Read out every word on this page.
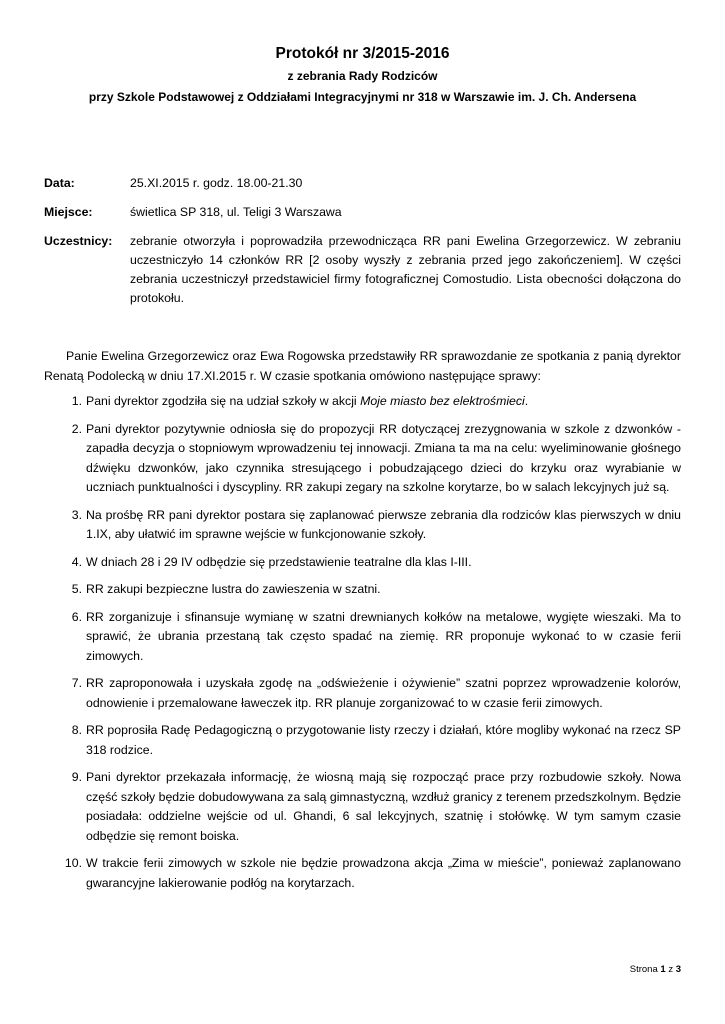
Protokół nr 3/2015-2016
z zebrania Rady Rodziców
przy Szkole Podstawowej z Oddziałami Integracyjnymi nr 318 w Warszawie im. J. Ch. Andersena
Data:	25.XI.2015 r. godz. 18.00-21.30
Miejsce:	świetlica SP 318, ul. Teligi 3 Warszawa
Uczestnicy:	zebranie otworzyła i poprowadziła przewodnicząca RR pani Ewelina Grzegorzewicz. W zebraniu uczestniczyło 14 członków RR [2 osoby wyszły z zebrania przed jego zakończeniem]. W części zebrania uczestniczył przedstawiciel firmy fotograficznej Comostudio. Lista obecności dołączona do protokołu.

Panie Ewelina Grzegorzewicz oraz Ewa Rogowska przedstawiły RR sprawozdanie ze spotkania z panią dyrektor Renatą Podolecką w dniu 17.XI.2015 r. W czasie spotkania omówiono następujące sprawy:

1. Pani dyrektor zgodziła się na udział szkoły w akcji Moje miasto bez elektrośmieci.
2. Pani dyrektor pozytywnie odniosła się do propozycji RR dotyczącej zrezygnowania w szkole z dzwonków - zapadła decyzja o stopniowym wprowadzeniu tej innowacji. Zmiana ta ma na celu: wyeliminowanie głośnego dźwięku dzwonków, jako czynnika stresującego i pobudzającego dzieci do krzyku oraz wyrabianie w uczniach punktualności i dyscypliny. RR zakupi zegary na szkolne korytarze, bo w salach lekcyjnych już są.
3. Na prośbę RR pani dyrektor postara się zaplanować pierwsze zebrania dla rodziców klas pierwszych w dniu 1.IX, aby ułatwić im sprawne wejście w funkcjonowanie szkoły.
4. W dniach 28 i 29 IV odbędzie się przedstawienie teatralne dla klas I-III.
5. RR zakupi bezpieczne lustra do zawieszenia w szatni.
6. RR zorganizuje i sfinansuje wymianę w szatni drewnianych kołków na metalowe, wygięte wieszaki. Ma to sprawić, że ubrania przestaną tak często spadać na ziemię. RR proponuje wykonać to w czasie ferii zimowych.
7. RR zaproponowała i uzyskała zgodę na „odświeżenie i ożywienie” szatni poprzez wprowadzenie kolorów, odnowienie i przemalowane ławeczek itp. RR planuje zorganizować to w czasie ferii zimowych.
8. RR poprosiła Radę Pedagogiczną o przygotowanie listy rzeczy i działań, które mogliby wykonać na rzecz SP 318 rodzice.
9. Pani dyrektor przekazała informację, że wiosną mają się rozpocząć prace przy rozbudowie szkoły. Nowa część szkoły będzie dobudowywana za salą gimnastyczną, wzdłuż granicy z terenem przedszkolnym. Będzie posiadała: oddzielne wejście od ul. Ghandi, 6 sal lekcyjnych, szatnię i stołówkę. W tym samym czasie odbędzie się remont boiska.
10. W trakcie ferii zimowych w szkole nie będzie prowadzona akcja „Zima w mieście”, ponieważ zaplanowano gwarancyjne lakierowanie podłóg na korytarzach.
Strona 1 z 3
